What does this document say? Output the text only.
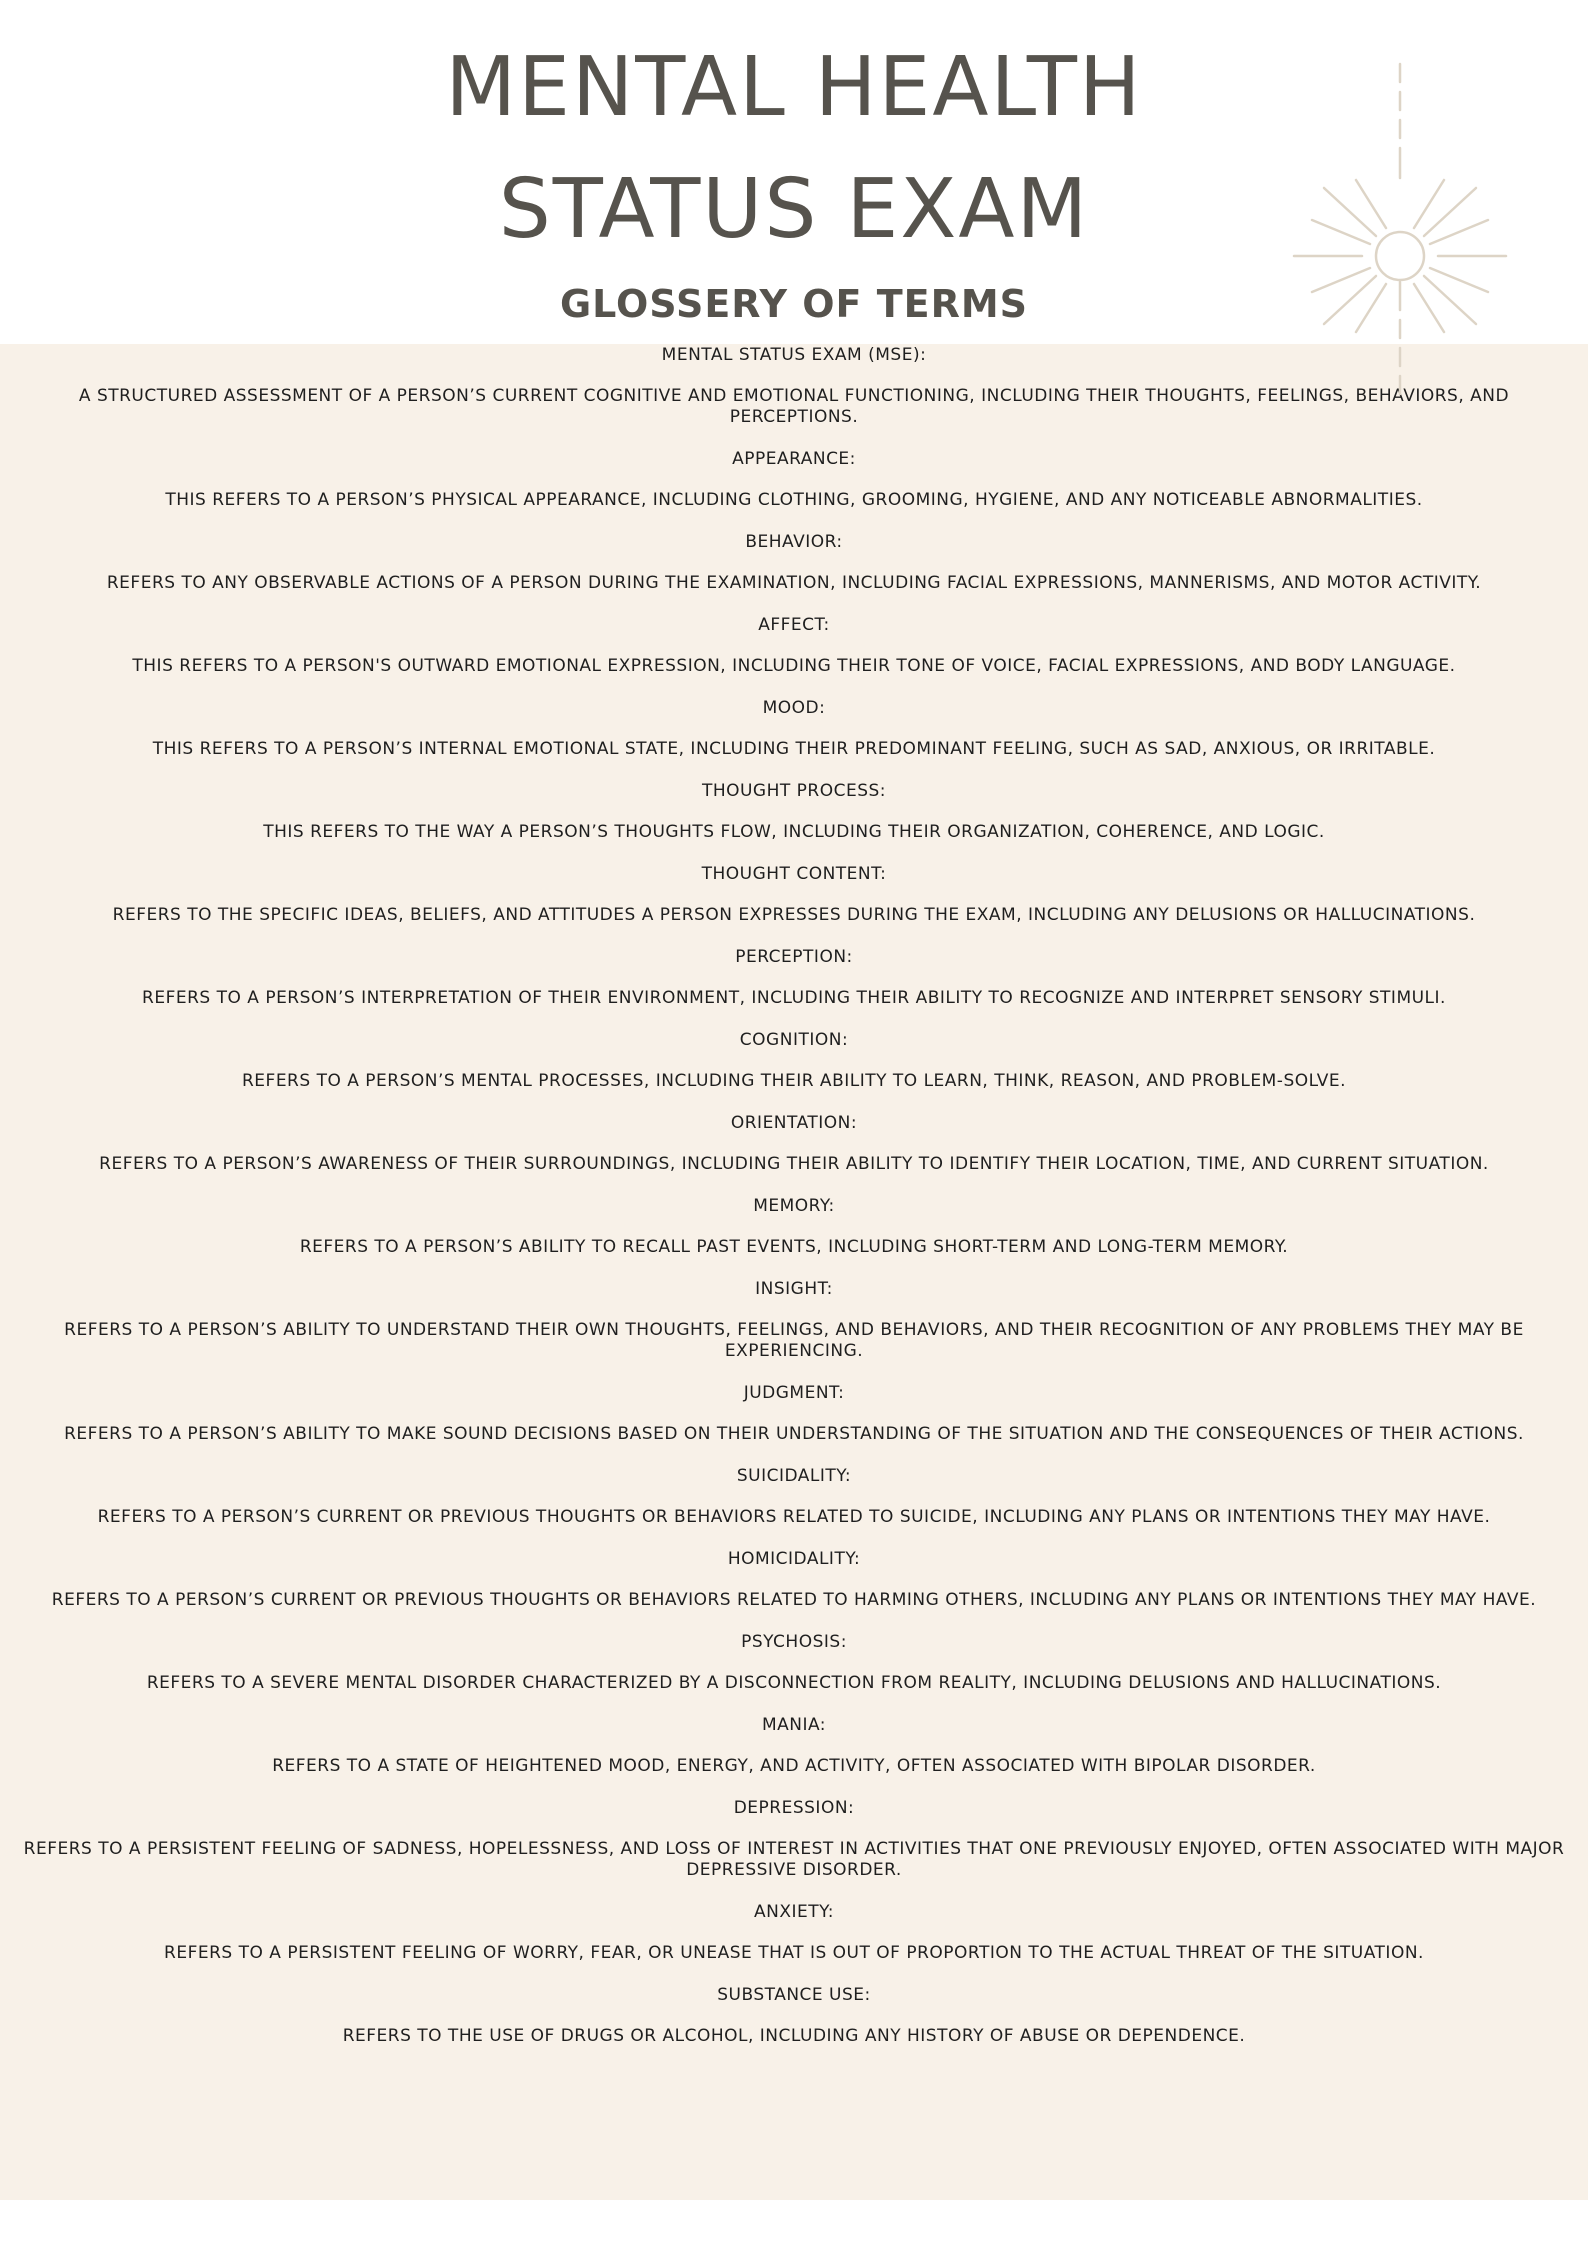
MENTAL HEALTH
STATUS EXAM
GLOSSERY OF TERMS

MENTAL STATUS EXAM (MSE):

A STRUCTURED ASSESSMENT OF A PERSON’S CURRENT COGNITIVE AND EMOTIONAL FUNCTIONING, INCLUDING THEIR THOUGHTS, FEELINGS, BEHAVIORS, AND PERCEPTIONS.

APPEARANCE:

THIS REFERS TO A PERSON’S PHYSICAL APPEARANCE, INCLUDING CLOTHING, GROOMING, HYGIENE, AND ANY NOTICEABLE ABNORMALITIES.

BEHAVIOR:

REFERS TO ANY OBSERVABLE ACTIONS OF A PERSON DURING THE EXAMINATION, INCLUDING FACIAL EXPRESSIONS, MANNERISMS, AND MOTOR ACTIVITY.

AFFECT:

THIS REFERS TO A PERSON'S OUTWARD EMOTIONAL EXPRESSION, INCLUDING THEIR TONE OF VOICE, FACIAL EXPRESSIONS, AND BODY LANGUAGE.

MOOD:

THIS REFERS TO A PERSON’S INTERNAL EMOTIONAL STATE, INCLUDING THEIR PREDOMINANT FEELING, SUCH AS SAD, ANXIOUS, OR IRRITABLE.

THOUGHT PROCESS:

THIS REFERS TO THE WAY A PERSON’S THOUGHTS FLOW, INCLUDING THEIR ORGANIZATION, COHERENCE, AND LOGIC.

THOUGHT CONTENT:

REFERS TO THE SPECIFIC IDEAS, BELIEFS, AND ATTITUDES A PERSON EXPRESSES DURING THE EXAM, INCLUDING ANY DELUSIONS OR HALLUCINATIONS.

PERCEPTION:

REFERS TO A PERSON’S INTERPRETATION OF THEIR ENVIRONMENT, INCLUDING THEIR ABILITY TO RECOGNIZE AND INTERPRET SENSORY STIMULI.

COGNITION:

REFERS TO A PERSON’S MENTAL PROCESSES, INCLUDING THEIR ABILITY TO LEARN, THINK, REASON, AND PROBLEM-SOLVE.

ORIENTATION:

REFERS TO A PERSON’S AWARENESS OF THEIR SURROUNDINGS, INCLUDING THEIR ABILITY TO IDENTIFY THEIR LOCATION, TIME, AND CURRENT SITUATION.

MEMORY:

REFERS TO A PERSON’S ABILITY TO RECALL PAST EVENTS, INCLUDING SHORT-TERM AND LONG-TERM MEMORY.

INSIGHT:

REFERS TO A PERSON’S ABILITY TO UNDERSTAND THEIR OWN THOUGHTS, FEELINGS, AND BEHAVIORS, AND THEIR RECOGNITION OF ANY PROBLEMS THEY MAY BE EXPERIENCING.

JUDGMENT:

REFERS TO A PERSON’S ABILITY TO MAKE SOUND DECISIONS BASED ON THEIR UNDERSTANDING OF THE SITUATION AND THE CONSEQUENCES OF THEIR ACTIONS.

SUICIDALITY:

REFERS TO A PERSON’S CURRENT OR PREVIOUS THOUGHTS OR BEHAVIORS RELATED TO SUICIDE, INCLUDING ANY PLANS OR INTENTIONS THEY MAY HAVE.

HOMICIDALITY:

REFERS TO A PERSON’S CURRENT OR PREVIOUS THOUGHTS OR BEHAVIORS RELATED TO HARMING OTHERS, INCLUDING ANY PLANS OR INTENTIONS THEY MAY HAVE.

PSYCHOSIS:

REFERS TO A SEVERE MENTAL DISORDER CHARACTERIZED BY A DISCONNECTION FROM REALITY, INCLUDING DELUSIONS AND HALLUCINATIONS.

MANIA:

REFERS TO A STATE OF HEIGHTENED MOOD, ENERGY, AND ACTIVITY, OFTEN ASSOCIATED WITH BIPOLAR DISORDER.

DEPRESSION:

REFERS TO A PERSISTENT FEELING OF SADNESS, HOPELESSNESS, AND LOSS OF INTEREST IN ACTIVITIES THAT ONE PREVIOUSLY ENJOYED, OFTEN ASSOCIATED WITH MAJOR DEPRESSIVE DISORDER.

ANXIETY:

REFERS TO A PERSISTENT FEELING OF WORRY, FEAR, OR UNEASE THAT IS OUT OF PROPORTION TO THE ACTUAL THREAT OF THE SITUATION.

SUBSTANCE USE:

REFERS TO THE USE OF DRUGS OR ALCOHOL, INCLUDING ANY HISTORY OF ABUSE OR DEPENDENCE.
